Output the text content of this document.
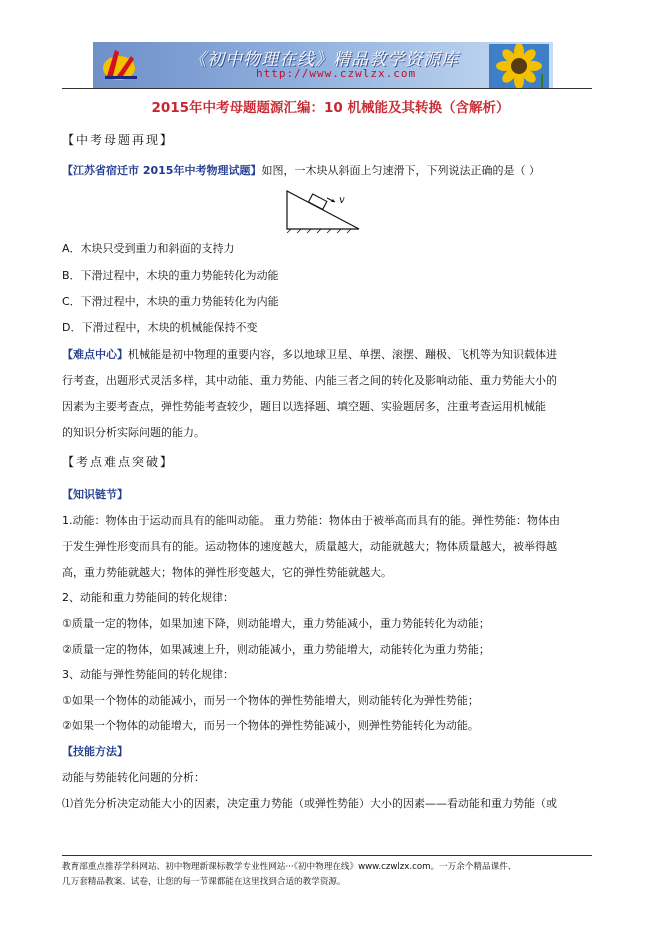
《初中物理在线》精品教学资源库
http://www.czwlzx.com
2015年中考母题题源汇编：10 机械能及其转换（含解析）
【中考母题再现】
【江苏省宿迁市 2015年中考物理试题】如图，一木块从斜面上匀速滑下，下列说法正确的是（ ）
v
A．木块只受到重力和斜面的支持力
B．下滑过程中，木块的重力势能转化为动能
C．下滑过程中，木块的重力势能转化为内能
D．下滑过程中，木块的机械能保持不变
【难点中心】机械能是初中物理的重要内容，多以地球卫星、单摆、滚摆、蹦极、飞机等为知识载体进
行考查，出题形式灵活多样，其中动能、重力势能、内能三者之间的转化及影响动能、重力势能大小的
因素为主要考查点，弹性势能考查较少，题目以选择题、填空题、实验题居多，注重考查运用机械能
的知识分析实际问题的能力。
【考点难点突破】
【知识链节】
1.动能：物体由于运动而具有的能叫动能。 重力势能：物体由于被举高而具有的能。弹性势能：物体由
于发生弹性形变而具有的能。运动物体的速度越大，质量越大，动能就越大；物体质量越大，被举得越
高，重力势能就越大；物体的弹性形变越大，它的弹性势能就越大。
2、动能和重力势能间的转化规律：
①质量一定的物体，如果加速下降，则动能增大，重力势能减小，重力势能转化为动能；
②质量一定的物体，如果减速上升，则动能减小，重力势能增大，动能转化为重力势能；
3、动能与弹性势能间的转化规律：
①如果一个物体的动能减小，而另一个物体的弹性势能增大，则动能转化为弹性势能；
②如果一个物体的动能增大，而另一个物体的弹性势能减小，则弹性势能转化为动能。
【技能方法】
动能与势能转化问题的分析：
⑴首先分析决定动能大小的因素，决定重力势能（或弹性势能）大小的因素——看动能和重力势能（或
教育部重点推荐学科网站、初中物理新课标教学专业性网站···《初中物理在线》www.czwlzx.com。一万余个精品课件、
几万套精品教案、试卷，让您的每一节课都能在这里找到合适的教学资源。
